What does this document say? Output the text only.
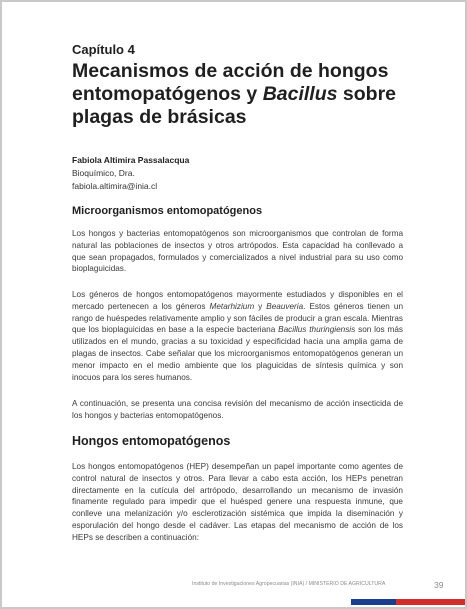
Capítulo 4
Mecanismos de acción de hongos
entomopatógenos y Bacillus sobre
plagas de brásicas
Fabiola Altimira Passalacqua
Bioquímico, Dra.
fabiola.altimira@inia.cl
Microorganismos entomopatógenos
Los hongos y bacterias entomopatógenos son microorganismos que controlan de forma natural las poblaciones de insectos y otros artrópodos. Esta capacidad ha conllevado a que sean propagados, formulados y comercializados a nivel industrial para su uso como bioplaguicidas.
Los géneros de hongos entomopatógenos mayormente estudiados y disponibles en el mercado pertenecen a los géneros Metarhizium y Beauveria. Estos géneros tienen un rango de huéspedes relativamente amplio y son fáciles de producir a gran escala. Mientras que los bioplaguicidas en base a la especie bacteriana Bacillus thuringiensis son los más utilizados en el mundo, gracias a su toxicidad y especificidad hacia una amplia gama de plagas de insectos. Cabe señalar que los microorganismos entomopatógenos generan un menor impacto en el medio ambiente que los plaguicidas de síntesis química y son inocuos para los seres humanos.
A continuación, se presenta una concisa revisión del mecanismo de acción insecticida de los hongos y bacterias entomopatógenos.
Hongos entomopatógenos
Los hongos entomopatógenos (HEP) desempeñan un papel importante como agentes de control natural de insectos y otros. Para llevar a cabo esta acción, los HEPs penetran directamente en la cutícula del artrópodo, desarrollando un mecanismo de invasión finamente regulado para impedir que el huésped genere una respuesta inmune, que conlleve una melanización y/o esclerotización sistémica que impida la diseminación y esporulación del hongo desde el cadáver. Las etapas del mecanismo de acción de los HEPs se describen a continuación:
Instituto de Investigaciones Agropecuarias (INIA) / MINISTERIO DE AGRICULTURA	39
